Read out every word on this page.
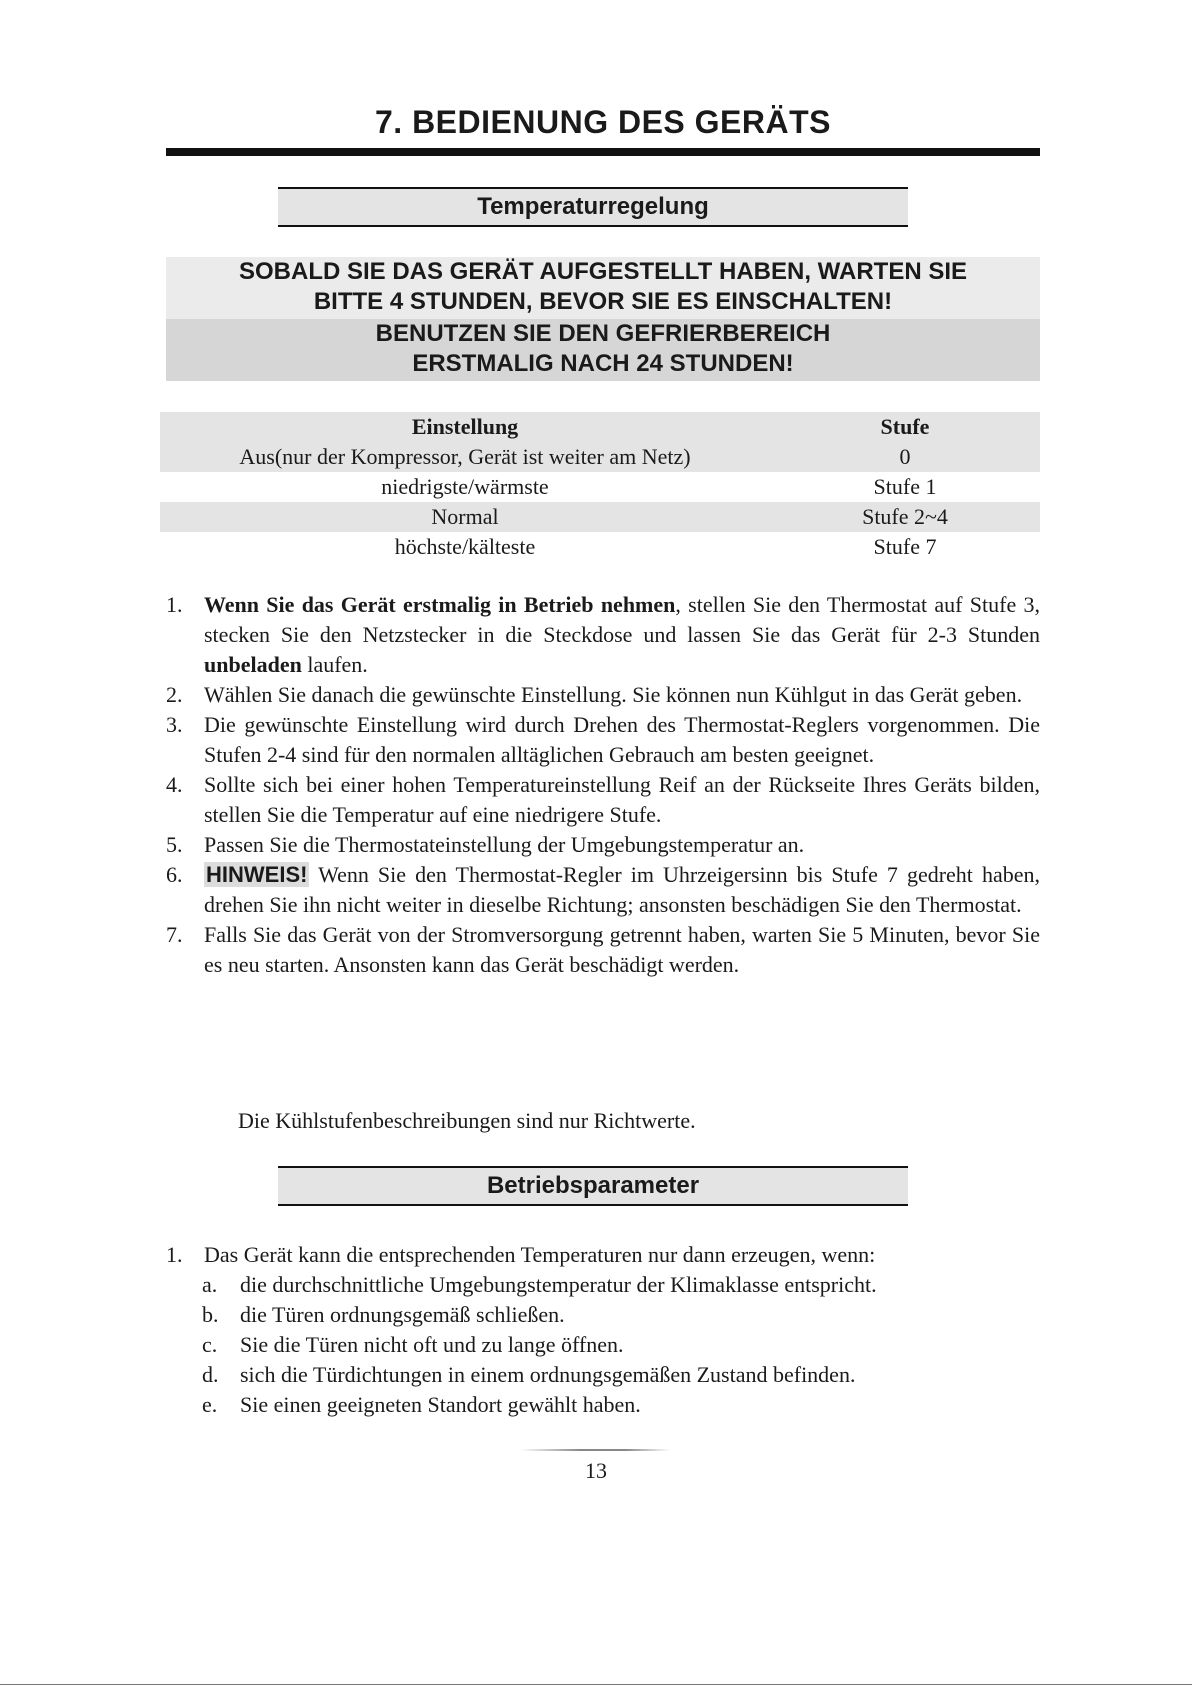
7. BEDIENUNG DES GERÄTS
Temperaturregelung
SOBALD SIE DAS GERÄT AUFGESTELLT HABEN, WARTEN SIE
BITTE 4 STUNDEN, BEVOR SIE ES EINSCHALTEN!
BENUTZEN SIE DEN GEFRIERBEREICH
ERSTMALIG NACH 24 STUNDEN!
Einstellung	Stufe
Aus(nur der Kompressor, Gerät ist weiter am Netz)	0
niedrigste/wärmste	Stufe 1
Normal	Stufe 2~4
höchste/kälteste	Stufe 7
1. Wenn Sie das Gerät erstmalig in Betrieb nehmen, stellen Sie den Thermostat auf Stufe 3, stecken Sie den Netzstecker in die Steckdose und lassen Sie das Gerät für 2-3 Stunden unbeladen laufen.
2. Wählen Sie danach die gewünschte Einstellung. Sie können nun Kühlgut in das Gerät geben.
3. Die gewünschte Einstellung wird durch Drehen des Thermostat-Reglers vorgenommen. Die Stufen 2-4 sind für den normalen alltäglichen Gebrauch am besten geeignet.
4. Sollte sich bei einer hohen Temperatureinstellung Reif an der Rückseite Ihres Geräts bilden, stellen Sie die Temperatur auf eine niedrigere Stufe.
5. Passen Sie die Thermostateinstellung der Umgebungstemperatur an.
6. HINWEIS! Wenn Sie den Thermostat-Regler im Uhrzeigersinn bis Stufe 7 gedreht haben, drehen Sie ihn nicht weiter in dieselbe Richtung; ansonsten beschädigen Sie den Thermostat.
7. Falls Sie das Gerät von der Stromversorgung getrennt haben, warten Sie 5 Minuten, bevor Sie es neu starten. Ansonsten kann das Gerät beschädigt werden.
Die Kühlstufenbeschreibungen sind nur Richtwerte.
Betriebsparameter
1. Das Gerät kann die entsprechenden Temperaturen nur dann erzeugen, wenn:
a. die durchschnittliche Umgebungstemperatur der Klimaklasse entspricht.
b. die Türen ordnungsgemäß schließen.
c. Sie die Türen nicht oft und zu lange öffnen.
d. sich die Türdichtungen in einem ordnungsgemäßen Zustand befinden.
e. Sie einen geeigneten Standort gewählt haben.
13
